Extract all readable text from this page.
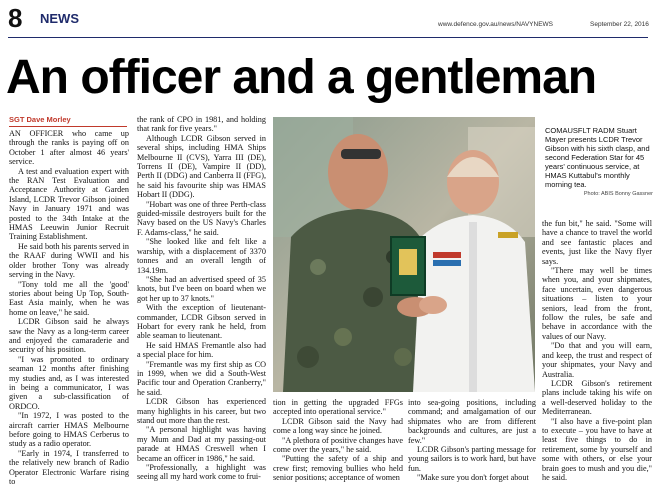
8 NEWS	www.defence.gov.au/news/NAVYNEWS	September 22, 2016
An officer and a gentleman
SGT Dave Morley

AN OFFICER who came up through the ranks is paying off on October 1 after almost 46 years' service.

A test and evaluation expert with the RAN Test Evaluation and Acceptance Authority at Garden Island, LCDR Trevor Gibson joined Navy in January 1971 and was posted to the 34th Intake at the HMAS Leeuwin Junior Recruit Training Establishment.

He said both his parents served in the RAAF during WWII and his older brother Tony was already serving in the Navy.

"Tony told me all the 'good' stories about being Up Top, South-East Asia mainly, when he was home on leave," he said.

LCDR Gibson said he always saw the Navy as a long-term career and enjoyed the camaraderie and security of his position.

"I was promoted to ordinary seaman 12 months after finishing my studies and, as I was interested in being a communicator, I was given a sub-classification of ORDCO.

"In 1972, I was posted to the aircraft carrier HMAS Melbourne before going to HMAS Cerberus to study as a radio operator.

"Early in 1974, I transferred to the relatively new branch of Radio Operator Electronic Warfare rising to

the rank of CPO in 1981, and holding that rank for five years."

Although LCDR Gibson served in several ships, including HMA Ships Melbourne II (CVS), Yarra III (DE), Torrens II (DE), Vampire II (DD), Perth II (DDG) and Canberra II (FFG), he said his favourite ship was HMAS Hobart II (DDG).

"Hobart was one of three Perth-class guided-missile destroyers built for the Navy based on the US Navy's Charles F. Adams-class," he said.

"She looked like and felt like a warship, with a displacement of 3370 tonnes and an overall length of 134.19m.

"She had an advertised speed of 35 knots, but I've been on board when we got her up to 37 knots."

With the exception of lieutenant-commander, LCDR Gibson served in Hobart for every rank he held, from able seaman to lieutenant.

He said HMAS Fremantle also had a special place for him.

"Fremantle was my first ship as CO in 1999, when we did a South-West Pacific tour and Operation Cranberry," he said.

LCDR Gibson has experienced many highlights in his career, but two stand out more than the rest.

"A personal highlight was having my Mum and Dad at my passing-out parade at HMAS Creswell when I became an officer in 1986," he said.

"Professionally, a highlight was seeing all my hard work come to frui-

COMAUSFLT RADM Stuart Mayer presents LCDR Trevor Gibson with his sixth clasp, and second Federation Star for 45 years' continuous service, at HMAS Kuttabul's monthly morning tea.
Photo: ABIS Bonny Gassner

tion in getting the upgraded FFGs accepted into operational service."

LCDR Gibson said the Navy had come a long way since he joined.

"A plethora of positive changes have come over the years," he said.

"Putting the safety of a ship and crew first; removing bullies who held senior positions; acceptance of women

into sea-going positions, including command; and amalgamation of our shipmates who are from different backgrounds and cultures, are just a few."

LCDR Gibson's parting message for young sailors is to work hard, but have fun.

"Make sure you don't forget about

the fun bit," he said. "Some will have a chance to travel the world and see fantastic places and events, just like the Navy flyer says.

"There may well be times when you, and your shipmates, face uncertain, even dangerous situations – listen to your seniors, lead from the front, follow the rules, be safe and behave in accordance with the values of our Navy.

"Do that and you will earn, and keep, the trust and respect of your shipmates, your Navy and Australia.

LCDR Gibson's retirement plans include taking his wife on a well-deserved holiday to the Mediterranean.

"I also have a five-point plan to execute – you have to have at least five things to do in retirement, some by yourself and some with others, or else your brain goes to mush and you die," he said.
